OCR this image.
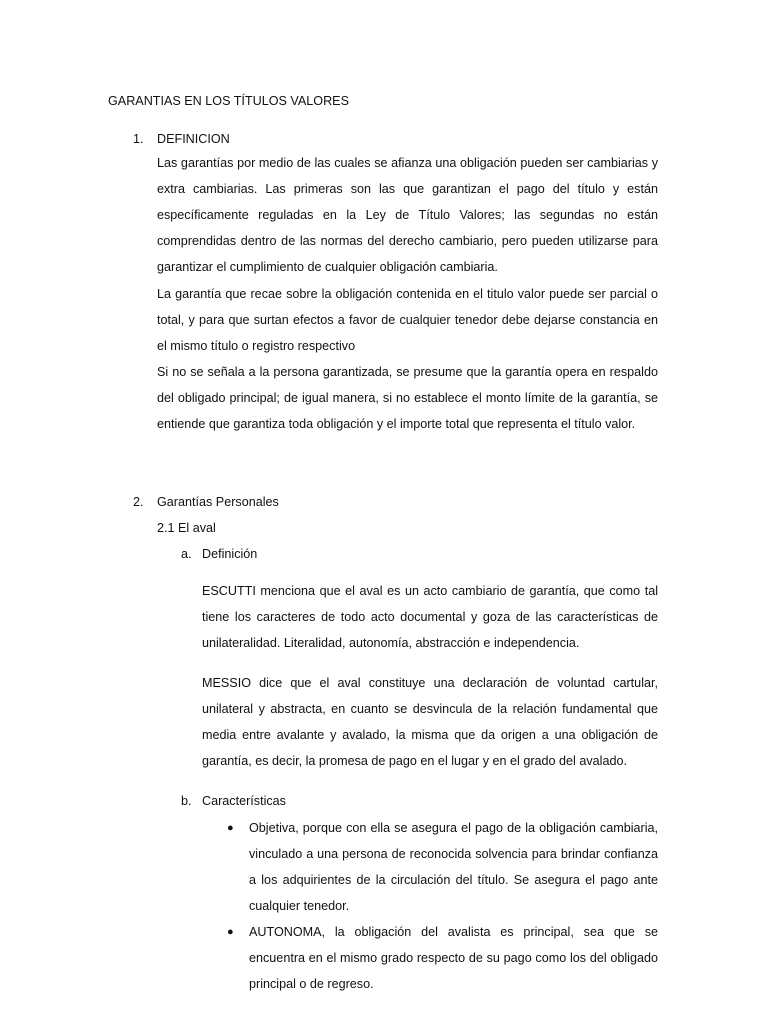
GARANTIAS EN LOS TÍTULOS VALORES
1. DEFINICION

Las garantías por medio de las cuales se afianza una obligación pueden ser cambiarias y extra cambiarias. Las primeras son las que garantizan el pago del título y están específicamente reguladas en la Ley de Título Valores; las segundas no están comprendidas dentro de las normas del derecho cambiario, pero pueden utilizarse para garantizar el cumplimiento de cualquier obligación cambiaria.

La garantía que recae sobre la obligación contenida en el titulo valor puede ser parcial o total, y para que surtan efectos a favor de cualquier tenedor debe dejarse constancia en el mismo título o registro respectivo

Si no se señala a la persona garantizada, se presume que la garantía opera en respaldo del obligado principal; de igual manera, si no establece el monto límite de la garantía, se entiende que garantiza toda obligación y el importe total que representa el título valor.

2. Garantías Personales
2.1 El aval
a. Definición

ESCUTTI menciona que el aval es un acto cambiario de garantía, que como tal tiene los caracteres de todo acto documental y goza de las características de unilateralidad. Literalidad, autonomía, abstracción e independencia.

MESSIO dice que el aval constituye una declaración de voluntad cartular, unilateral y abstracta, en cuanto se desvincula de la relación fundamental que media entre avalante y avalado, la misma que da origen a una obligación de garantía, es decir, la promesa de pago en el lugar y en el grado del avalado.

b. Características
● Objetiva, porque con ella se asegura el pago de la obligación cambiaria, vinculado a una persona de reconocida solvencia para brindar confianza a los adquirientes de la circulación del título. Se asegura el pago ante cualquier tenedor.

● AUTONOMA, la obligación del avalista es principal, sea que se encuentra en el mismo grado respecto de su pago como los del obligado principal o de regreso.
